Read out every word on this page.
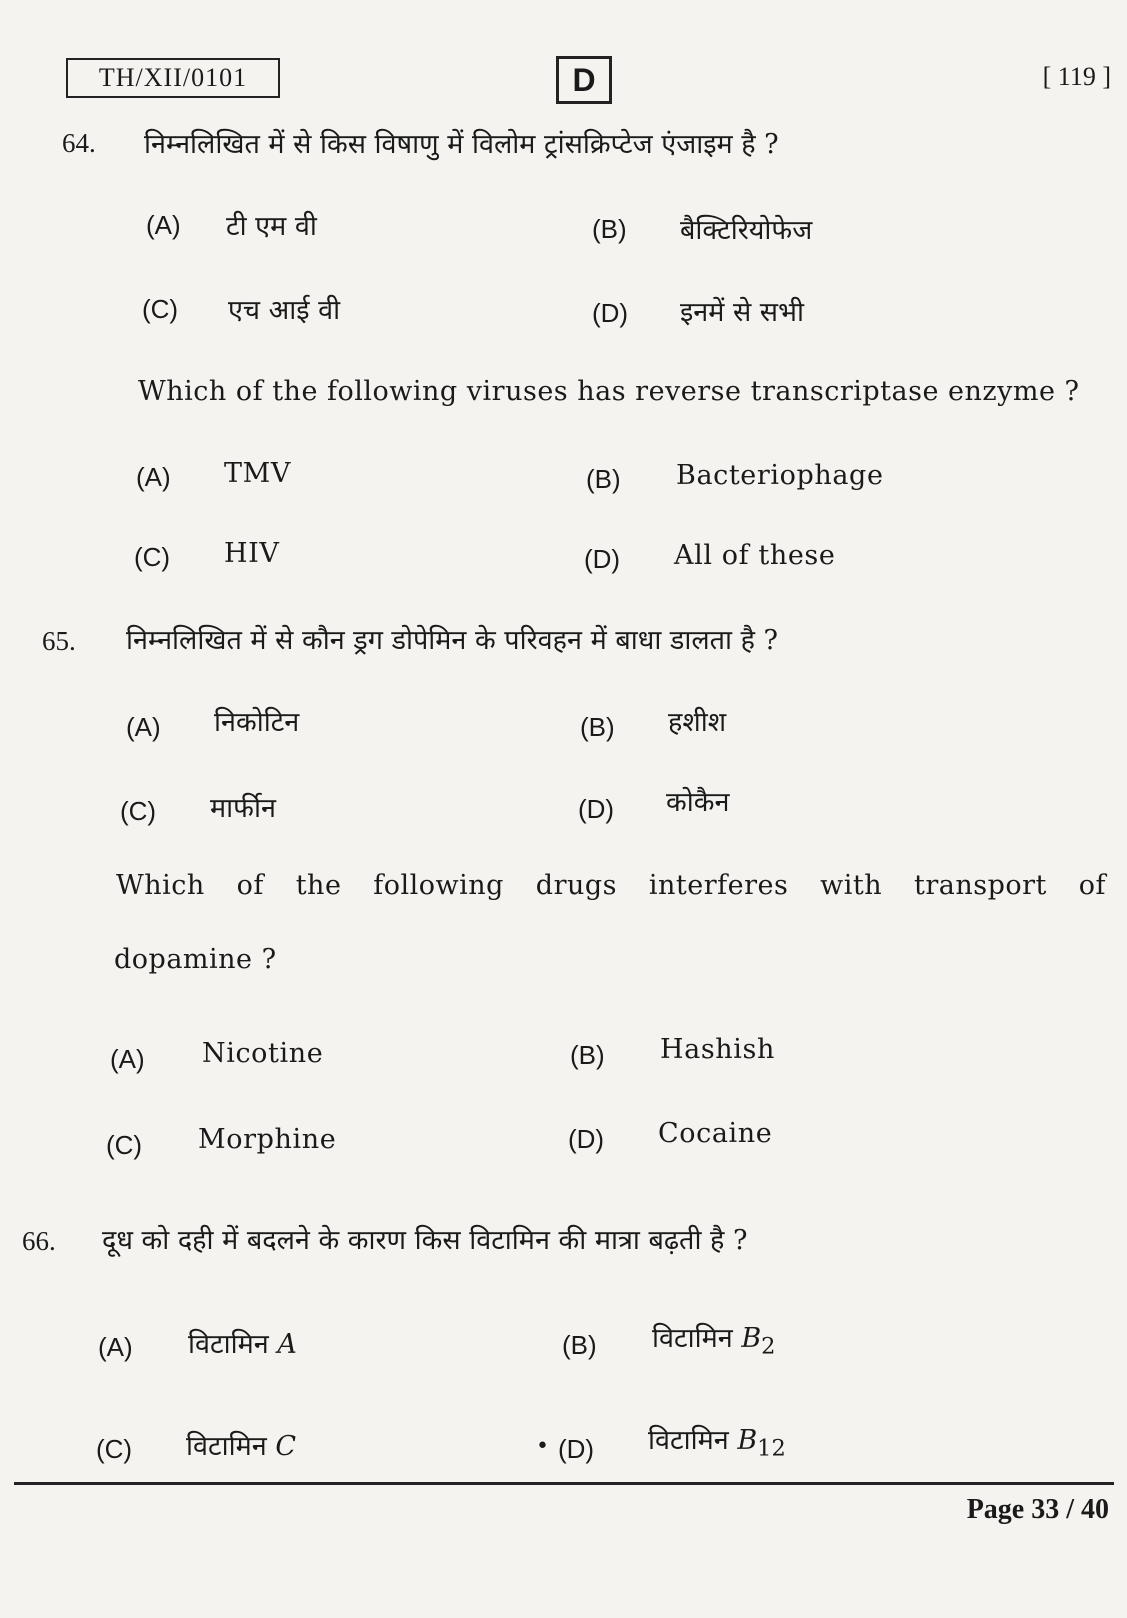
TH/XII/0101	D	[ 119 ]
64. निम्नलिखित में से किस विषाणु में विलोम ट्रांसक्रिप्टेज एंजाइम है ?
(A) टी एम वी	(B) बैक्टिरियोफेज
(C) एच आई वी	(D) इनमें से सभी
Which of the following viruses has reverse transcriptase enzyme ?
(A) TMV	(B) Bacteriophage
(C) HIV	(D) All of these
65. निम्नलिखित में से कौन ड्रग डोपेमिन के परिवहन में बाधा डालता है ?
(A) निकोटिन	(B) हशीश
(C) मार्फीन	(D) कोकैन
Which of the following drugs interferes with transport of
dopamine ?
(A) Nicotine	(B) Hashish
(C) Morphine	(D) Cocaine
66. दूध को दही में बदलने के कारण किस विटामिन की मात्रा बढ़ती है ?
(A) विटामिन A	(B) विटामिन $B_2$
(C) विटामिन C	• (D) विटामिन $B_{12}$
Page 33 / 40
